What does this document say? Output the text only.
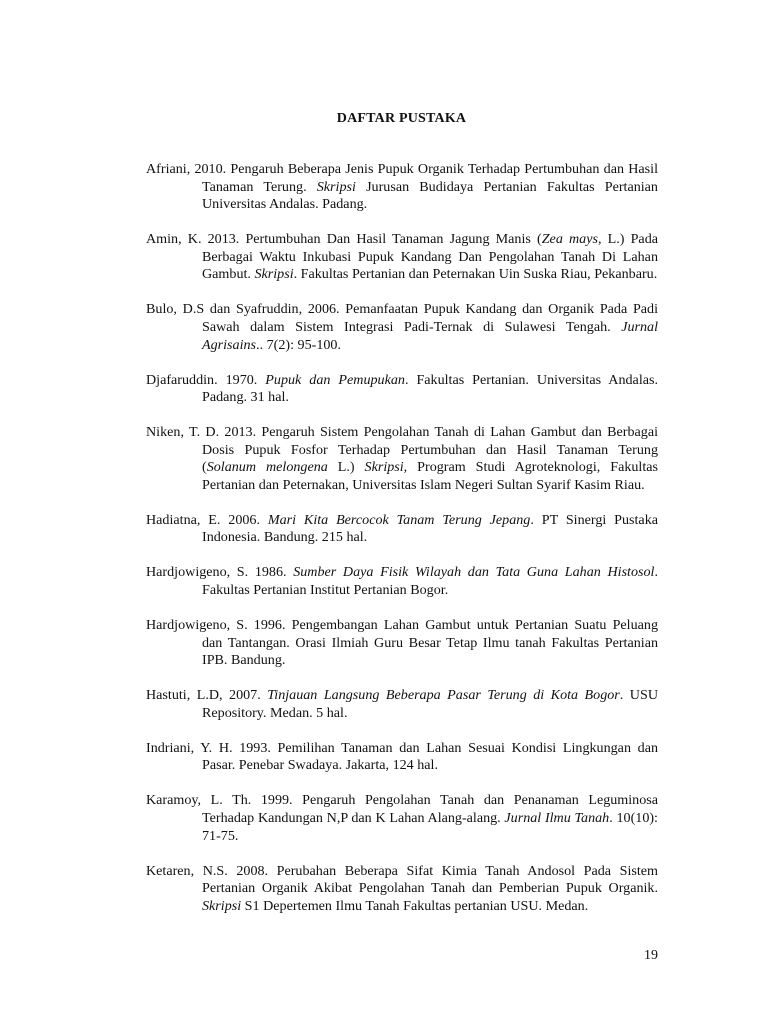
DAFTAR PUSTAKA

Afriani, 2010. Pengaruh Beberapa Jenis Pupuk Organik Terhadap Pertumbuhan dan Hasil Tanaman Terung. Skripsi Jurusan Budidaya Pertanian Fakultas Pertanian Universitas Andalas. Padang.

Amin, K. 2013. Pertumbuhan Dan Hasil Tanaman Jagung Manis (Zea mays, L.) Pada Berbagai Waktu Inkubasi Pupuk Kandang Dan Pengolahan Tanah Di Lahan Gambut. Skripsi. Fakultas Pertanian dan Peternakan Uin Suska Riau, Pekanbaru.

Bulo, D.S dan Syafruddin, 2006. Pemanfaatan Pupuk Kandang dan Organik Pada Padi Sawah dalam Sistem Integrasi Padi-Ternak di Sulawesi Tengah. Jurnal Agrisains.. 7(2): 95-100.

Djafaruddin. 1970. Pupuk dan Pemupukan. Fakultas Pertanian. Universitas Andalas. Padang. 31 hal.

Niken, T. D. 2013. Pengaruh Sistem Pengolahan Tanah di Lahan Gambut dan Berbagai Dosis Pupuk Fosfor Terhadap Pertumbuhan dan Hasil Tanaman Terung (Solanum melongena L.) Skripsi, Program Studi Agroteknologi, Fakultas Pertanian dan Peternakan, Universitas Islam Negeri Sultan Syarif Kasim Riau.

Hadiatna, E. 2006. Mari Kita Bercocok Tanam Terung Jepang. PT Sinergi Pustaka Indonesia. Bandung. 215 hal.

Hardjowigeno, S. 1986. Sumber Daya Fisik Wilayah dan Tata Guna Lahan Histosol. Fakultas Pertanian Institut Pertanian Bogor.

Hardjowigeno, S. 1996. Pengembangan Lahan Gambut untuk Pertanian Suatu Peluang dan Tantangan. Orasi Ilmiah Guru Besar Tetap Ilmu tanah Fakultas Pertanian IPB. Bandung.

Hastuti, L.D, 2007. Tinjauan Langsung Beberapa Pasar Terung di Kota Bogor. USU Repository. Medan. 5 hal.

Indriani, Y. H. 1993. Pemilihan Tanaman dan Lahan Sesuai Kondisi Lingkungan dan Pasar. Penebar Swadaya. Jakarta, 124 hal.

Karamoy, L. Th. 1999. Pengaruh Pengolahan Tanah dan Penanaman Leguminosa Terhadap Kandungan N,P dan K Lahan Alang-alang. Jurnal Ilmu Tanah. 10(10): 71-75.

Ketaren, N.S. 2008. Perubahan Beberapa Sifat Kimia Tanah Andosol Pada Sistem Pertanian Organik Akibat Pengolahan Tanah dan Pemberian Pupuk Organik. Skripsi S1 Depertemen Ilmu Tanah Fakultas pertanian USU. Medan.

19
